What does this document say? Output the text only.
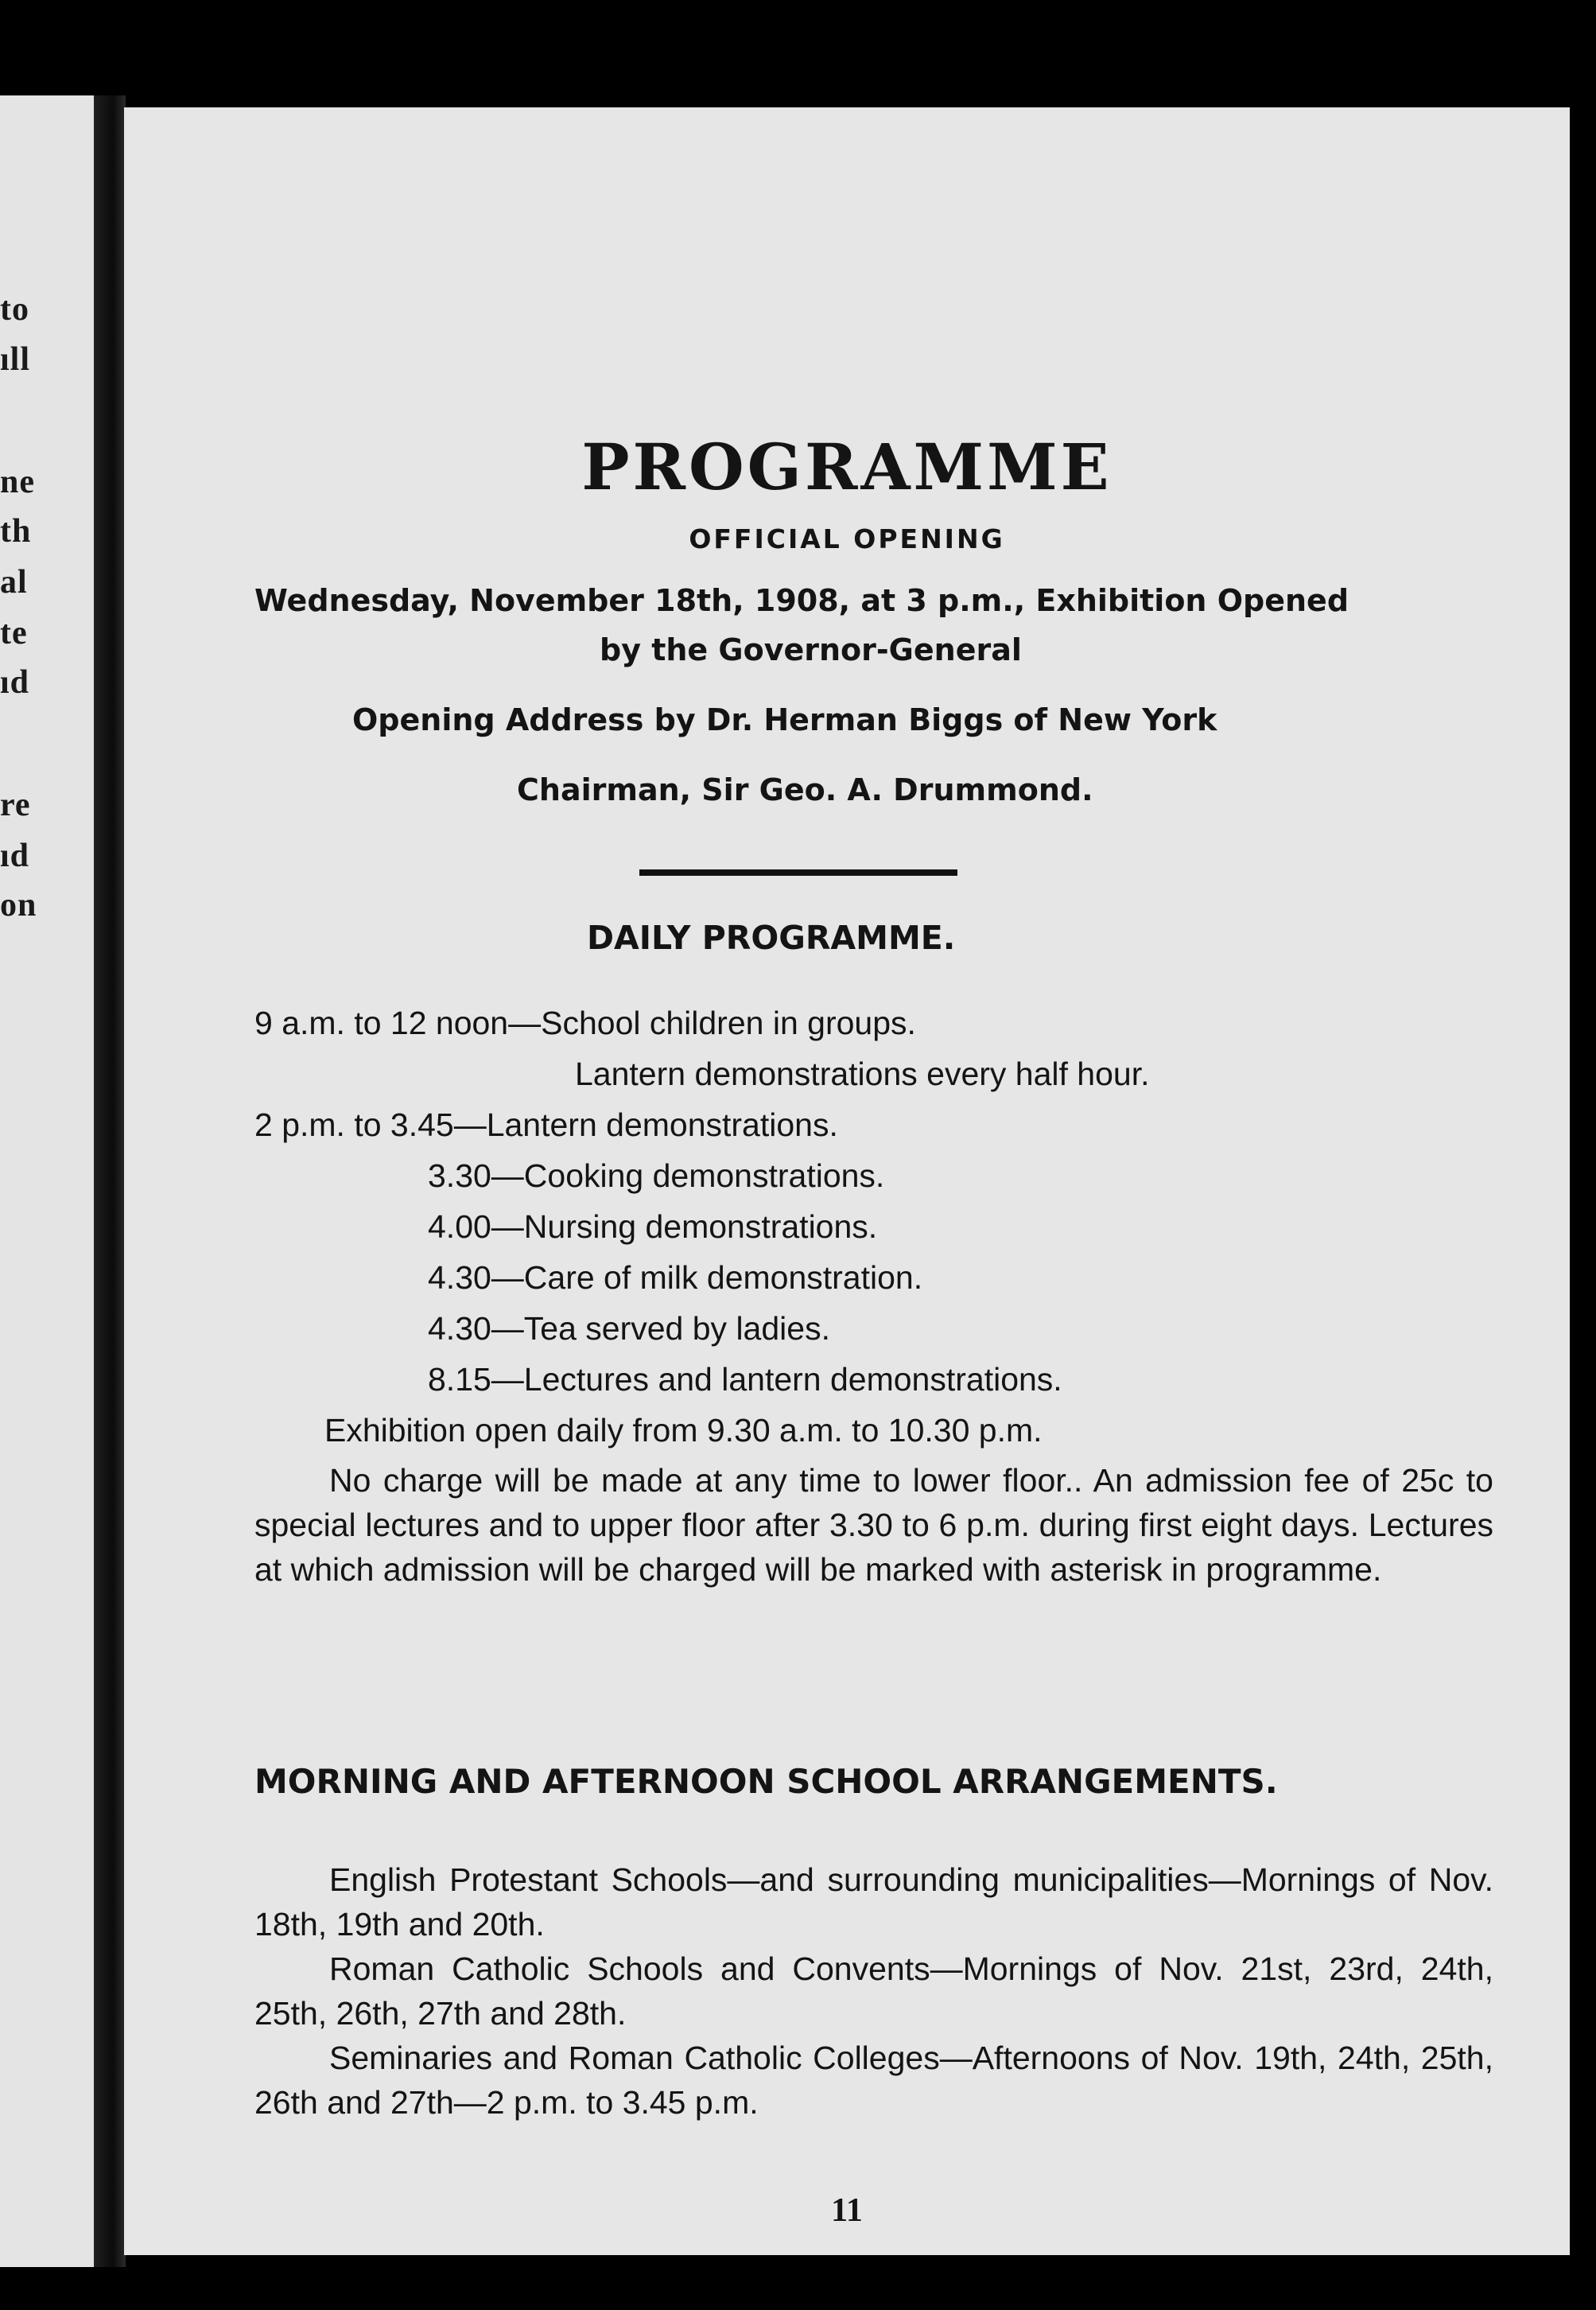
to
ıll
ne
th
al
te
ıd
re
ıd
on
PROGRAMME
OFFICIAL OPENING
Wednesday, November 18th, 1908, at 3 p.m., Exhibition Opened
by the Governor-General
Opening Address by Dr. Herman Biggs of New York
Chairman, Sir Geo. A. Drummond.
DAILY PROGRAMME.
9 a.m. to 12 noon—School children in groups.
Lantern demonstrations every half hour.
2 p.m. to 3.45—Lantern demonstrations.
3.30—Cooking demonstrations.
4.00—Nursing demonstrations.
4.30—Care of milk demonstration.
4.30—Tea served by ladies.
8.15—Lectures and lantern demonstrations.
Exhibition open daily from 9.30 a.m. to 10.30 p.m.
No charge will be made at any time to lower floor.. An admission fee of 25c to special lectures and to upper floor after 3.30 to 6 p.m. during first eight days. Lectures at which admission will be charged will be marked with asterisk in programme.
MORNING AND AFTERNOON SCHOOL ARRANGEMENTS.
English Protestant Schools—and surrounding municipalities—Mornings of Nov. 18th, 19th and 20th.
Roman Catholic Schools and Convents—Mornings of Nov. 21st, 23rd, 24th, 25th, 26th, 27th and 28th.
Seminaries and Roman Catholic Colleges—Afternoons of Nov. 19th, 24th, 25th, 26th and 27th—2 p.m. to 3.45 p.m.
11
